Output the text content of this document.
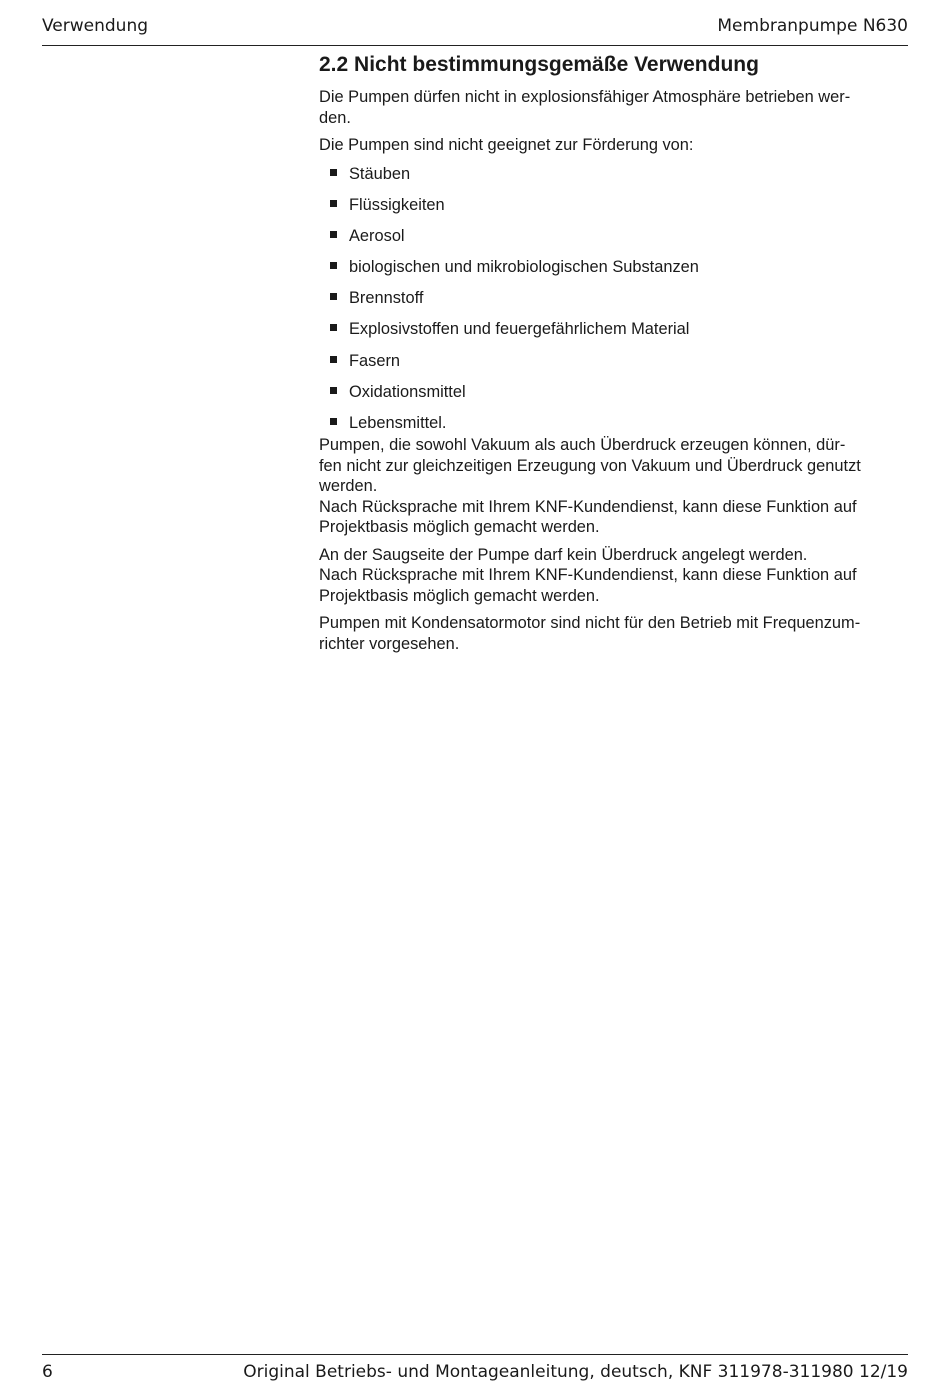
Verwendung	Membranpumpe N630
2.2 Nicht bestimmungsgemäße Verwendung

Die Pumpen dürfen nicht in explosionsfähiger Atmosphäre betrieben wer-
den.

Die Pumpen sind nicht geeignet zur Förderung von:

Stäuben
Flüssigkeiten
Aerosol
biologischen und mikrobiologischen Substanzen
Brennstoff
Explosivstoffen und feuergefährlichem Material
Fasern
Oxidationsmittel
Lebensmittel.

Pumpen, die sowohl Vakuum als auch Überdruck erzeugen können, dür-
fen nicht zur gleichzeitigen Erzeugung von Vakuum und Überdruck genutzt
werden.
Nach Rücksprache mit Ihrem KNF-Kundendienst, kann diese Funktion auf
Projektbasis möglich gemacht werden.

An der Saugseite der Pumpe darf kein Überdruck angelegt werden.
Nach Rücksprache mit Ihrem KNF-Kundendienst, kann diese Funktion auf
Projektbasis möglich gemacht werden.

Pumpen mit Kondensatormotor sind nicht für den Betrieb mit Frequenzum-
richter vorgesehen.

6	Original Betriebs- und Montageanleitung, deutsch, KNF 311978-311980 12/19
